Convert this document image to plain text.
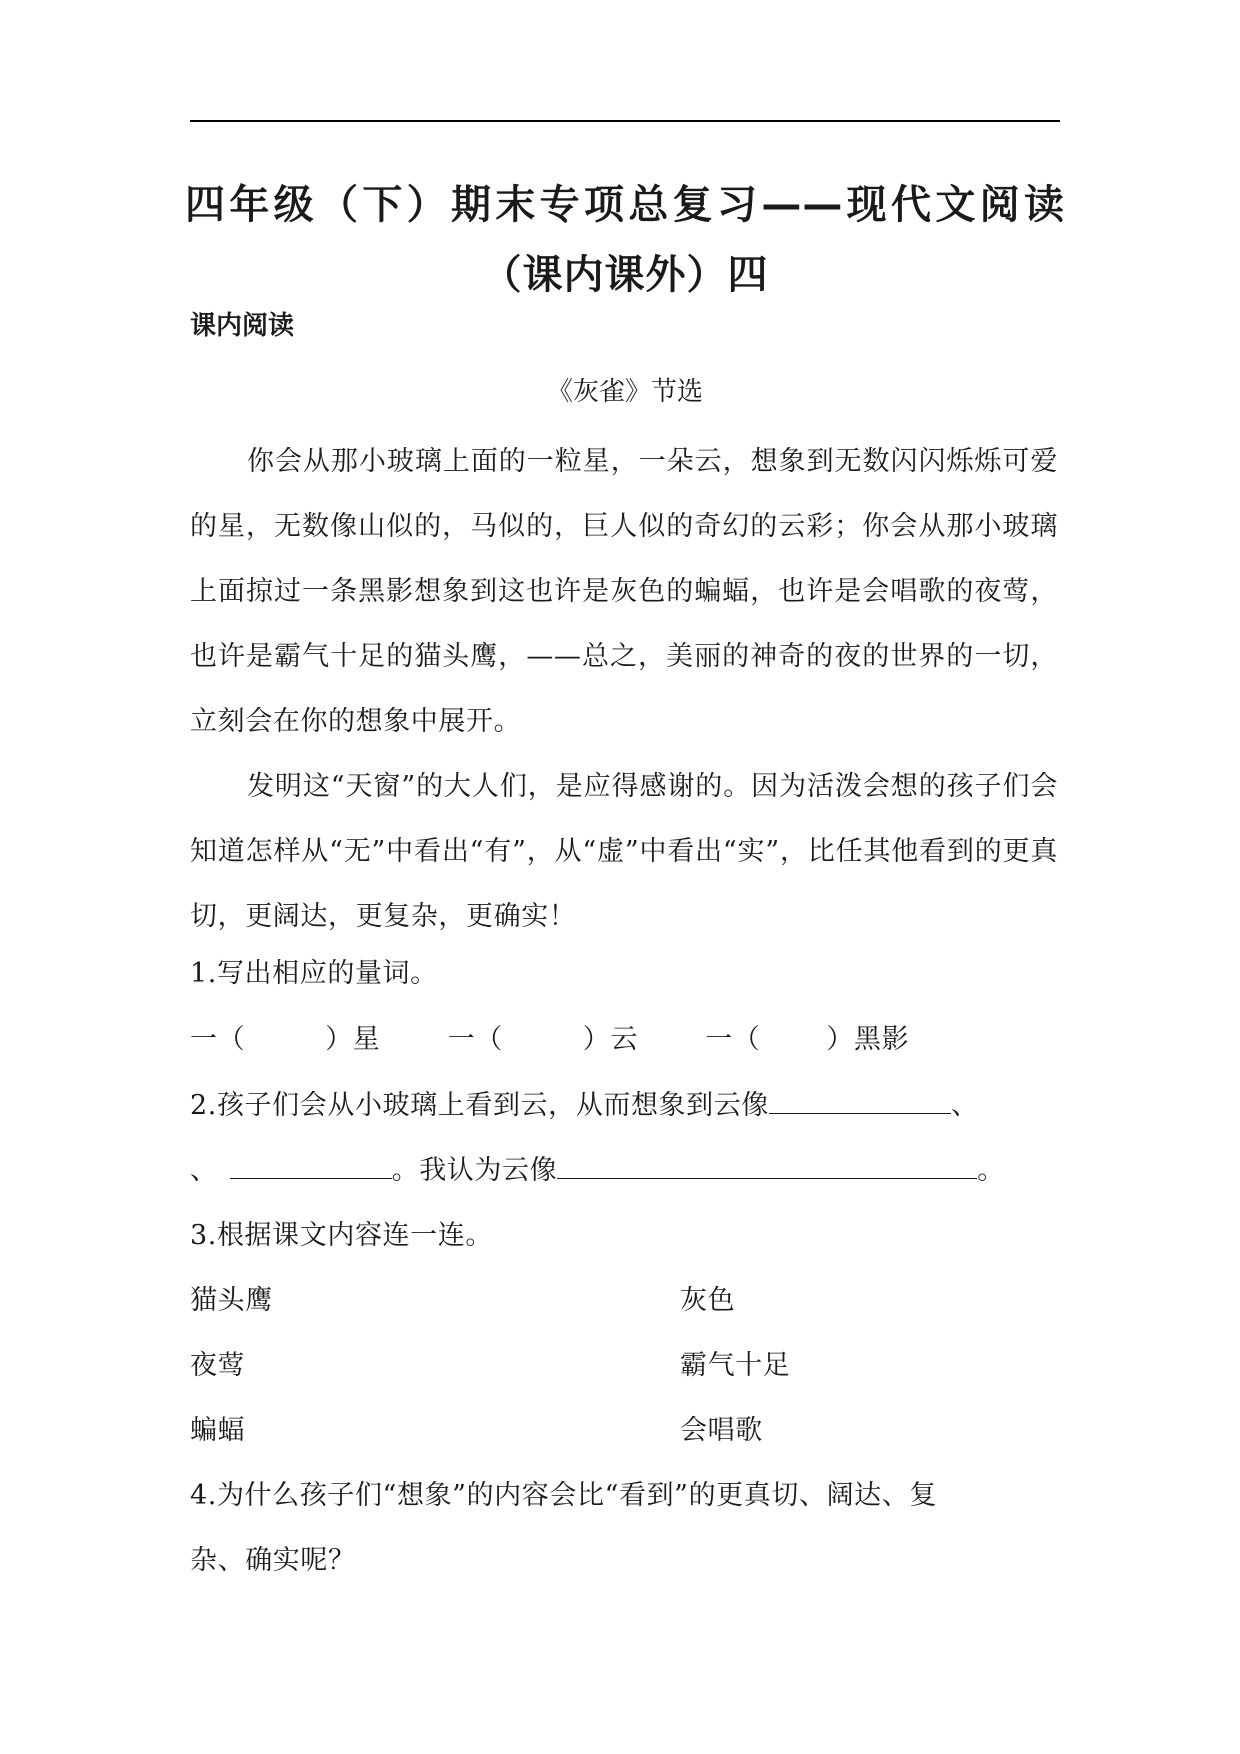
四年级（下）期末专项总复习——现代文阅读（课内课外）四
课内阅读
《灰雀》节选
你会从那小玻璃上面的一粒星，一朵云，想象到无数闪闪烁烁可爱的星，无数像山似的，马似的，巨人似的奇幻的云彩；你会从那小玻璃上面掠过一条黑影想象到这也许是灰色的蝙蝠，也许是会唱歌的夜莺，也许是霸气十足的猫头鹰，——总之，美丽的神奇的夜的世界的一切，立刻会在你的想象中展开。
发明这“天窗”的大人们，是应得感谢的。因为活泼会想的孩子们会知道怎样从“无”中看出“有”，从“虚”中看出“实”，比任其他看到的更真切，更阔达，更复杂，更确实！
1.写出相应的量词。
一（	）星 一（	）云 一（ ）黑影
2.孩子们会从小玻璃上看到云，从而想象到云像	、
、	。我认为云像	。
3.根据课文内容连一连。
猫头鹰	灰色
夜莺	霸气十足
蝙蝠	会唱歌
4.为什么孩子们“想象”的内容会比“看到”的更真切、阔达、复
杂、确实呢？
